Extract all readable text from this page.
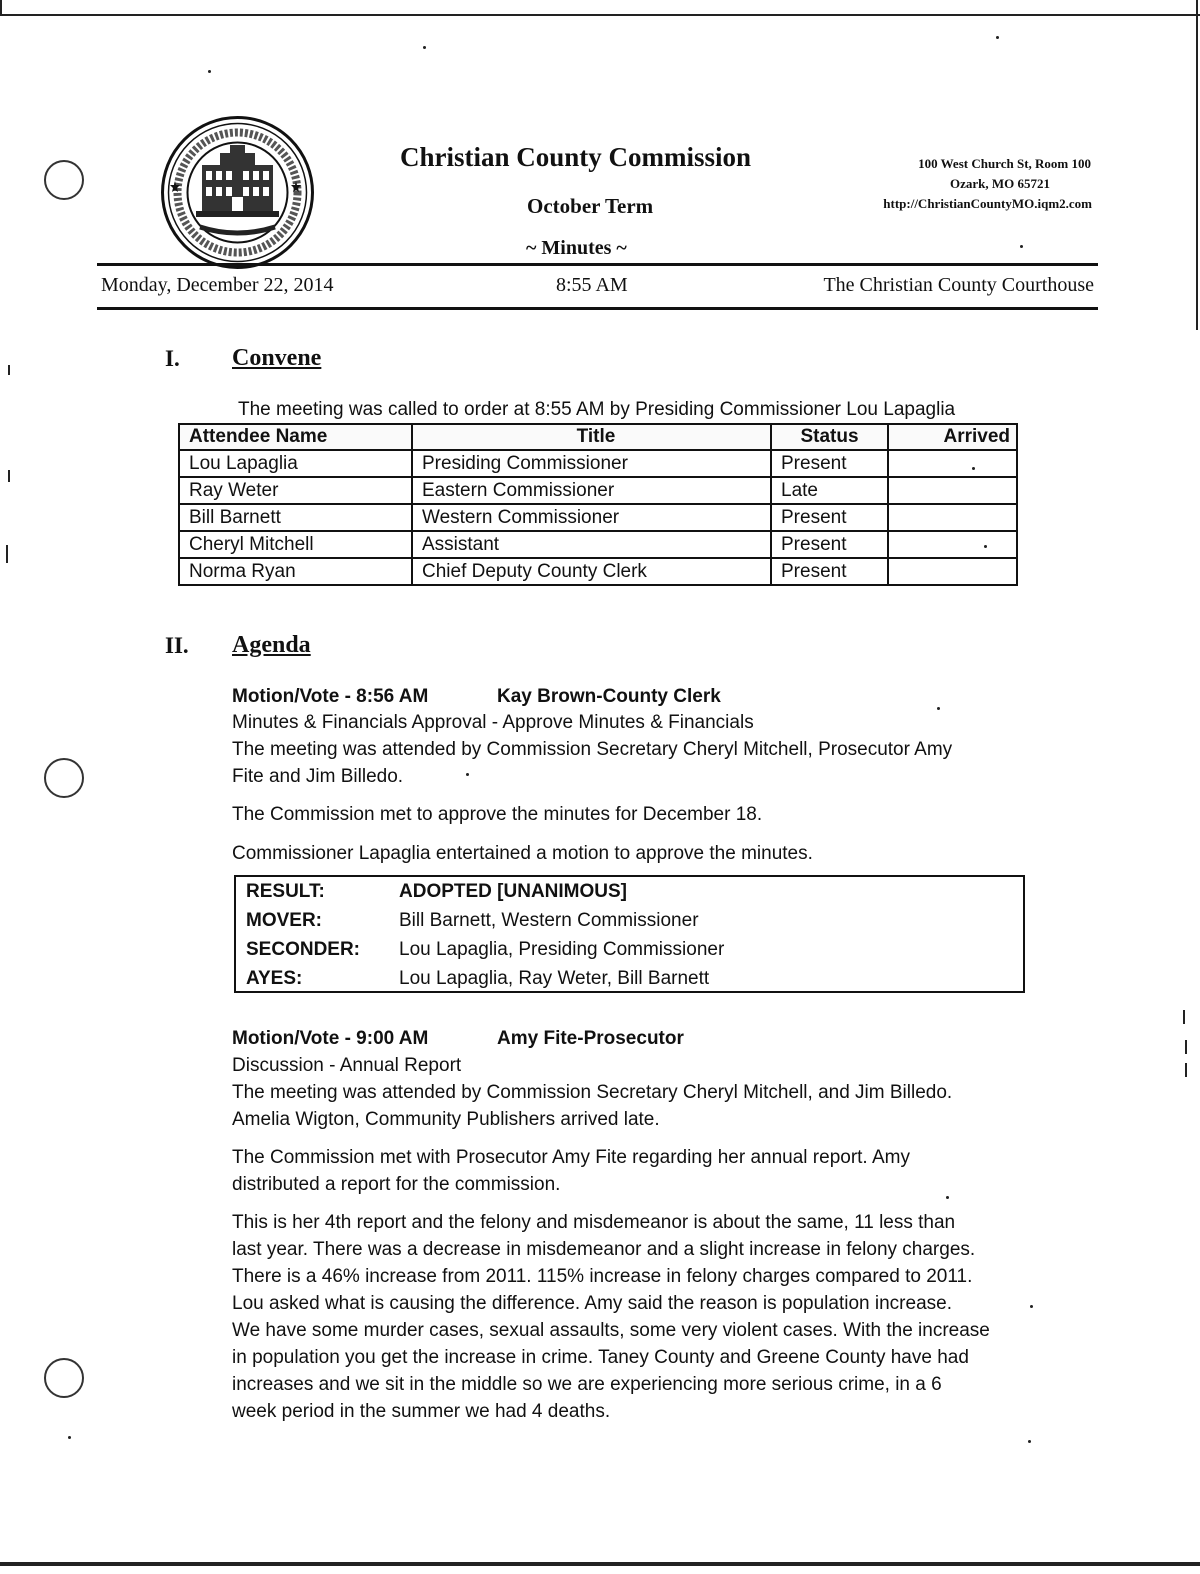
Christian County Commission
October Term
~ Minutes ~
100 West Church St, Room 100
Ozark, MO 65721
http://ChristianCountyMO.iqm2.com
Monday, December 22, 2014	8:55 AM	The Christian County Courthouse
I. Convene
The meeting was called to order at 8:55 AM by Presiding Commissioner Lou Lapaglia
Attendee Name	Title	Status	Arrived
Lou Lapaglia	Presiding Commissioner	Present	
Ray Weter	Eastern Commissioner	Late	
Bill Barnett	Western Commissioner	Present	
Cheryl Mitchell	Assistant	Present	
Norma Ryan	Chief Deputy County Clerk	Present	
II. Agenda
Motion/Vote - 8:56 AM	Kay Brown-County Clerk
Minutes & Financials Approval - Approve Minutes & Financials
The meeting was attended by Commission Secretary Cheryl Mitchell, Prosecutor Amy
Fite and Jim Billedo.
The Commission met to approve the minutes for December 18.
Commissioner Lapaglia entertained a motion to approve the minutes.
RESULT:	ADOPTED [UNANIMOUS]
MOVER:	Bill Barnett, Western Commissioner
SECONDER: Lou Lapaglia, Presiding Commissioner
AYES:	Lou Lapaglia, Ray Weter, Bill Barnett
Motion/Vote - 9:00 AM	Amy Fite-Prosecutor
Discussion - Annual Report
The meeting was attended by Commission Secretary Cheryl Mitchell, and Jim Billedo.
Amelia Wigton, Community Publishers arrived late.
The Commission met with Prosecutor Amy Fite regarding her annual report. Amy
distributed a report for the commission.
This is her 4th report and the felony and misdemeanor is about the same, 11 less than
last year. There was a decrease in misdemeanor and a slight increase in felony charges.
There is a 46% increase from 2011. 115% increase in felony charges compared to 2011.
Lou asked what is causing the difference. Amy said the reason is population increase.
We have some murder cases, sexual assaults, some very violent cases. With the increase
in population you get the increase in crime. Taney County and Greene County have had
increases and we sit in the middle so we are experiencing more serious crime, in a 6
week period in the summer we had 4 deaths.
